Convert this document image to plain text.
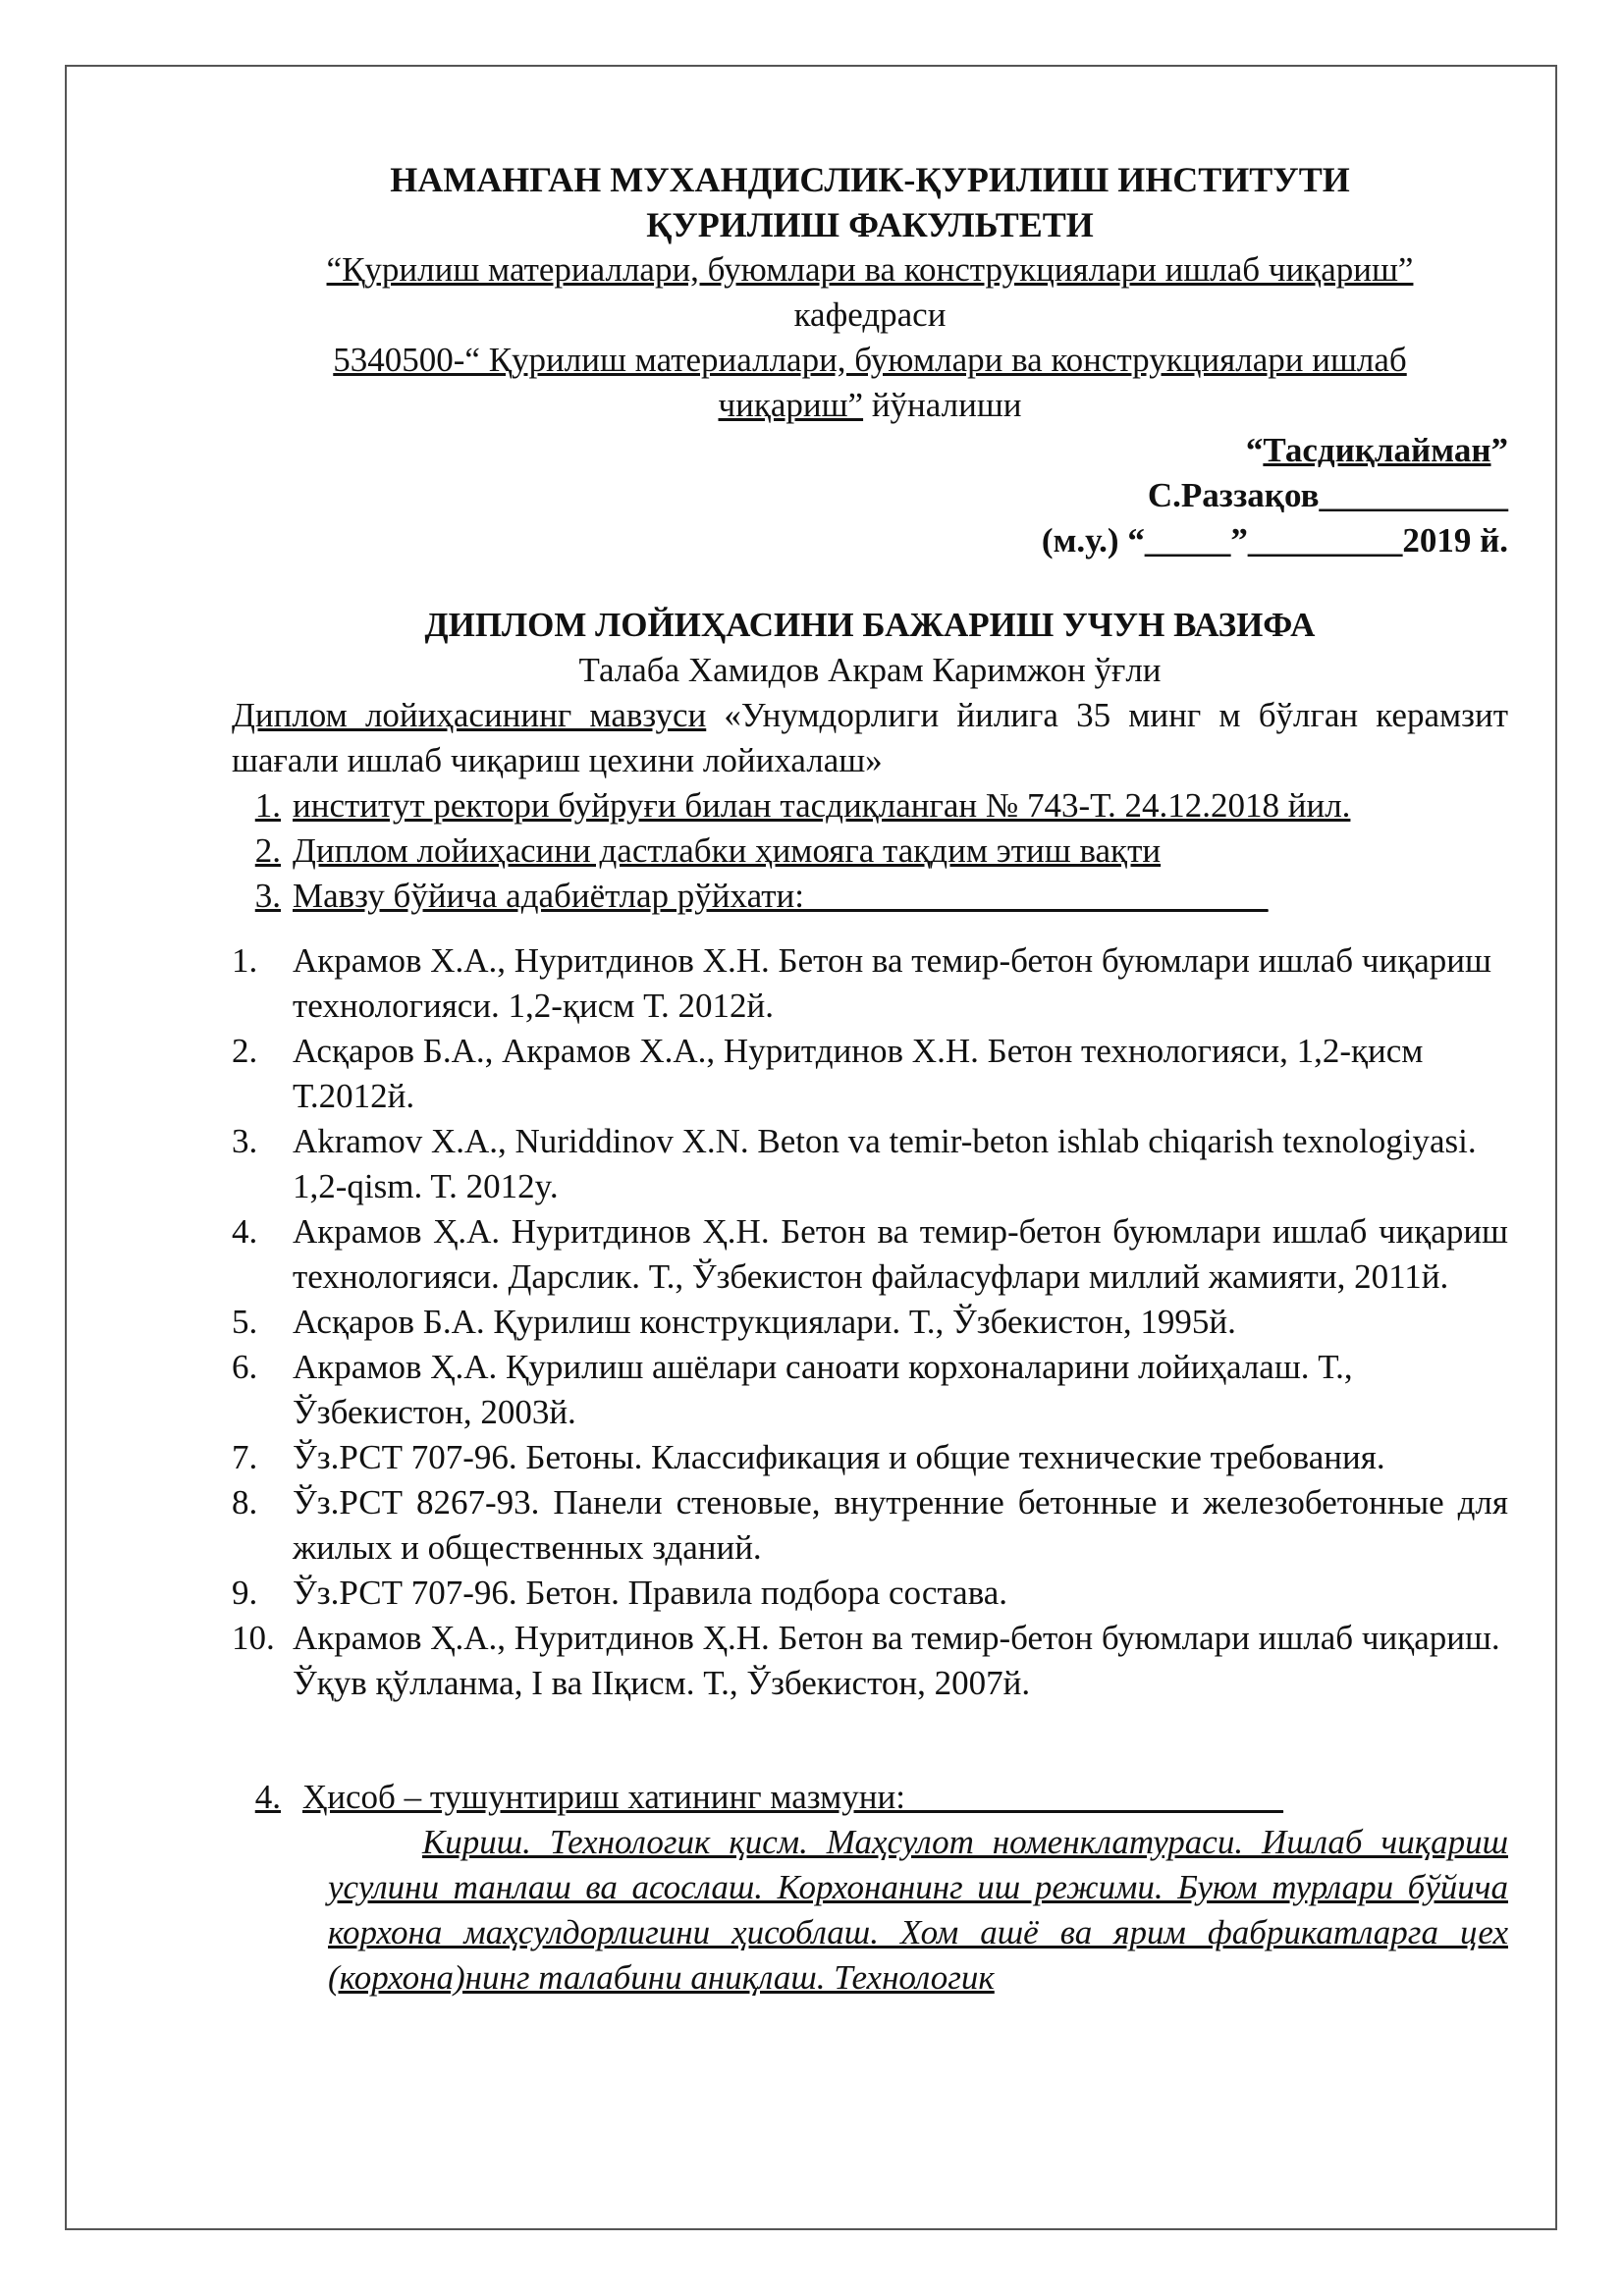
НАМАНГАН МУХАНДИСЛИК-ҚУРИЛИШ ИНСТИТУТИ
ҚУРИЛИШ ФАКУЛЬТЕТИ
“Қурилиш материаллари, буюмлари ва конструкциялари ишлаб чиқариш”
кафедраси
5340500-“ Қурилиш материаллари, буюмлари ва конструкциялари ишлаб
чиқариш” йўналиши
“Тасдиқлайман”
С.Раззақов___________
(м.у.) “_____”_________2019 й.
ДИПЛОМ ЛОЙИҲАСИНИ БАЖАРИШ УЧУН ВАЗИФА
Талаба Хамидов Акрам Каримжон ўғли
Диплом лойиҳасининг мавзуси «Унумдорлиги йилига 35 минг м бўлган керамзит шағали ишлаб чиқариш цехини лойихалаш»
1. институт ректори буйруғи билан тасдиқланган № 743-Т. 24.12.2018 йил.
2. Диплом лойиҳасини дастлабки ҳимояга тақдим этиш вақти
3. Мавзу бўйича адабиётлар рўйхати:___________________________
1.	Акрамов Х.А., Нуритдинов Х.Н. Бетон ва темир-бетон буюмлари ишлаб чиқариш технологияси. 1,2-қисм Т. 2012й.
2.	Асқаров Б.А., Акрамов Х.А., Нуритдинов Х.Н. Бетон технологияси, 1,2-қисм Т.2012й.
3.	Akramov X.A., Nuriddinov X.N. Beton va temir-beton ishlab chiqarish texnologiyasi. 1,2-qism. T. 2012y.
4.	Акрамов Ҳ.А. Нуритдинов Ҳ.Н. Бетон ва темир-бетон буюмлари ишлаб чиқариш технологияси. Дарслик. Т., Ўзбекистон файласуфлари миллий жамияти, 2011й.
5.	Асқаров Б.А. Қурилиш конструкциялари. Т., Ўзбекистон, 1995й.
6.	Акрамов Ҳ.А. Қурилиш ашёлари саноати корхоналарини лойиҳалаш. Т., Ўзбекистон, 2003й.
7.	Ўз.РСТ 707-96. Бетоны. Классификация и общие технические требования.
8.	Ўз.РСТ 8267-93. Панели стеновые, внутренние бетонные и железобетонные для жилых и общественных зданий.
9.	Ўз.РСТ 707-96. Бетон. Правила подбора состава.
10. Акрамов Ҳ.А., Нуритдинов Ҳ.Н. Бетон ва темир-бетон буюмлари ишлаб чиқариш. Ўқув қўлланма, I ва IIқисм. Т., Ўзбекистон, 2007й.
4. Ҳисоб – тушунтириш хатининг мазмуни:______________________
Кириш. Технологик қисм. Маҳсулот номенклатураси. Ишлаб чиқариш усулини танлаш ва асослаш. Корхонанинг иш режими. Буюм турлари бўйича корхона маҳсулдорлигини ҳисоблаш. Хом ашё ва ярим фабрикатларга цех (корхона)нинг талабини аниқлаш. Технологик
